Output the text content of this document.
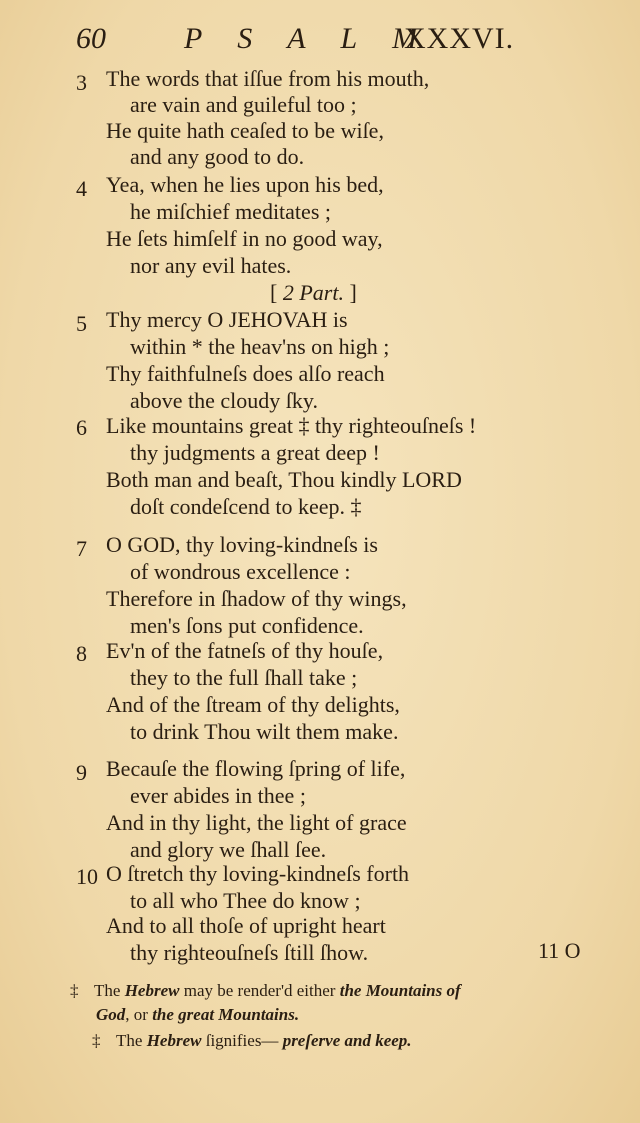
60	P S A L M
XXXVI.
3 The words that iſſue from his mouth,
are vain and guileful too ;
He quite hath ceaſed to be wiſe,
and any good to do.
4 Yea, when he lies upon his bed,
he miſchief meditates ;
He ſets himſelf in no good way,
nor any evil hates.
[ 2 Part. ]
5 Thy mercy O JEHOVAH is
within * the heav'ns on high ;
Thy faithfulneſs does alſo reach
above the cloudy ſky.
6 Like mountains great ‡ thy righteouſneſs !
thy judgments a great deep !
Both man and beaſt, Thou kindly LORD
doſt condeſcend to keep. ‡
7 O GOD, thy loving-kindneſs is
of wondrous excellence :
Therefore in ſhadow of thy wings,
men's ſons put confidence.
8 Ev'n of the fatneſs of thy houſe,
they to the full ſhall take ;
And of the ſtream of thy delights,
to drink Thou wilt them make.
9 Becauſe the flowing ſpring of life,
ever abides in thee ;
And in thy light, the light of grace
and glory we ſhall ſee.
10 O ſtretch thy loving-kindneſs forth
to all who Thee do know ;
And to all thoſe of upright heart
thy righteouſneſs ſtill ſhow.	11 O
‡ The Hebrew may be render'd either the Mountains of
God, or the great Mountains.
‡ The Hebrew ſignifies— preſerve and keep.
